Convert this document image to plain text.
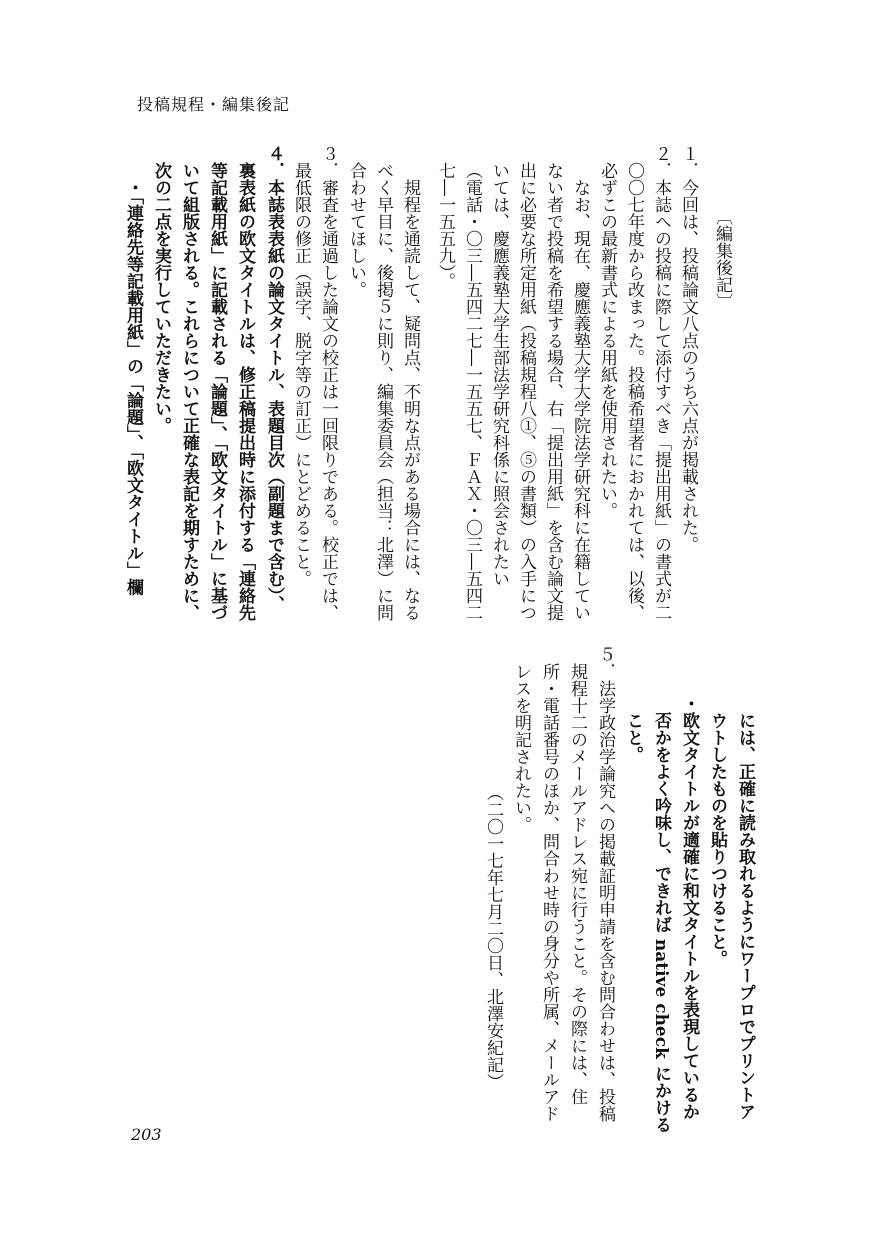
投稿規程・編集後記
〔編集後記〕
１．今回は、投稿論文八点のうち六点が掲載された。
２．本誌への投稿に際して添付すべき「提出用紙」の書式が二
〇〇七年度から改まった。投稿希望者におかれては、以後、
必ずこの最新書式による用紙を使用されたい。
なお、現在、慶應義塾大学大学院法学研究科に在籍してい
ない者で投稿を希望する場合、右「提出用紙」を含む論文提
出に必要な所定用紙（投稿規程八①、⑤の書類）の入手につ
いては、慶應義塾大学生部法学研究科係に照会されたい
（電話・〇三―五四二七―一五五七、ＦＡＸ・〇三―五四二
七―一五五九）。
規程を通読して、疑問点、不明な点がある場合には、なる
べく早目に、後掲５に則り、編集委員会（担当：北澤）に問
合わせてほしい。
３．審査を通過した論文の校正は一回限りである。校正では、
最低限の修正（誤字、脱字等の訂正）にとどめること。
４．本誌表表紙の論文タイトル、表題目次（副題まで含む）、
裏表紙の欧文タイトルは、修正稿提出時に添付する「連絡先
等記載用紙」に記載される「論題」、「欧文タイトル」に基づ
いて組版される。これらについて正確な表記を期すために、
次の二点を実行していただきたい。
・「連絡先等記載用紙」の「論題」、「欧文タイトル」欄
には、正確に読み取れるようにワープロでプリントア
ウトしたものを貼りつけること。
・欧文タイトルが適確に和文タイトルを表現しているか
否かをよく吟味し、できれば native check にかける
こと。
５．法学政治学論究への掲載証明申請を含む問合わせは、投稿
規程十二のメールアドレス宛に行うこと。その際には、住
所・電話番号のほか、問合わせ時の身分や所属、メールアド
レスを明記されたい。
（二〇一七年七月二〇日、北澤安紀記）
203
